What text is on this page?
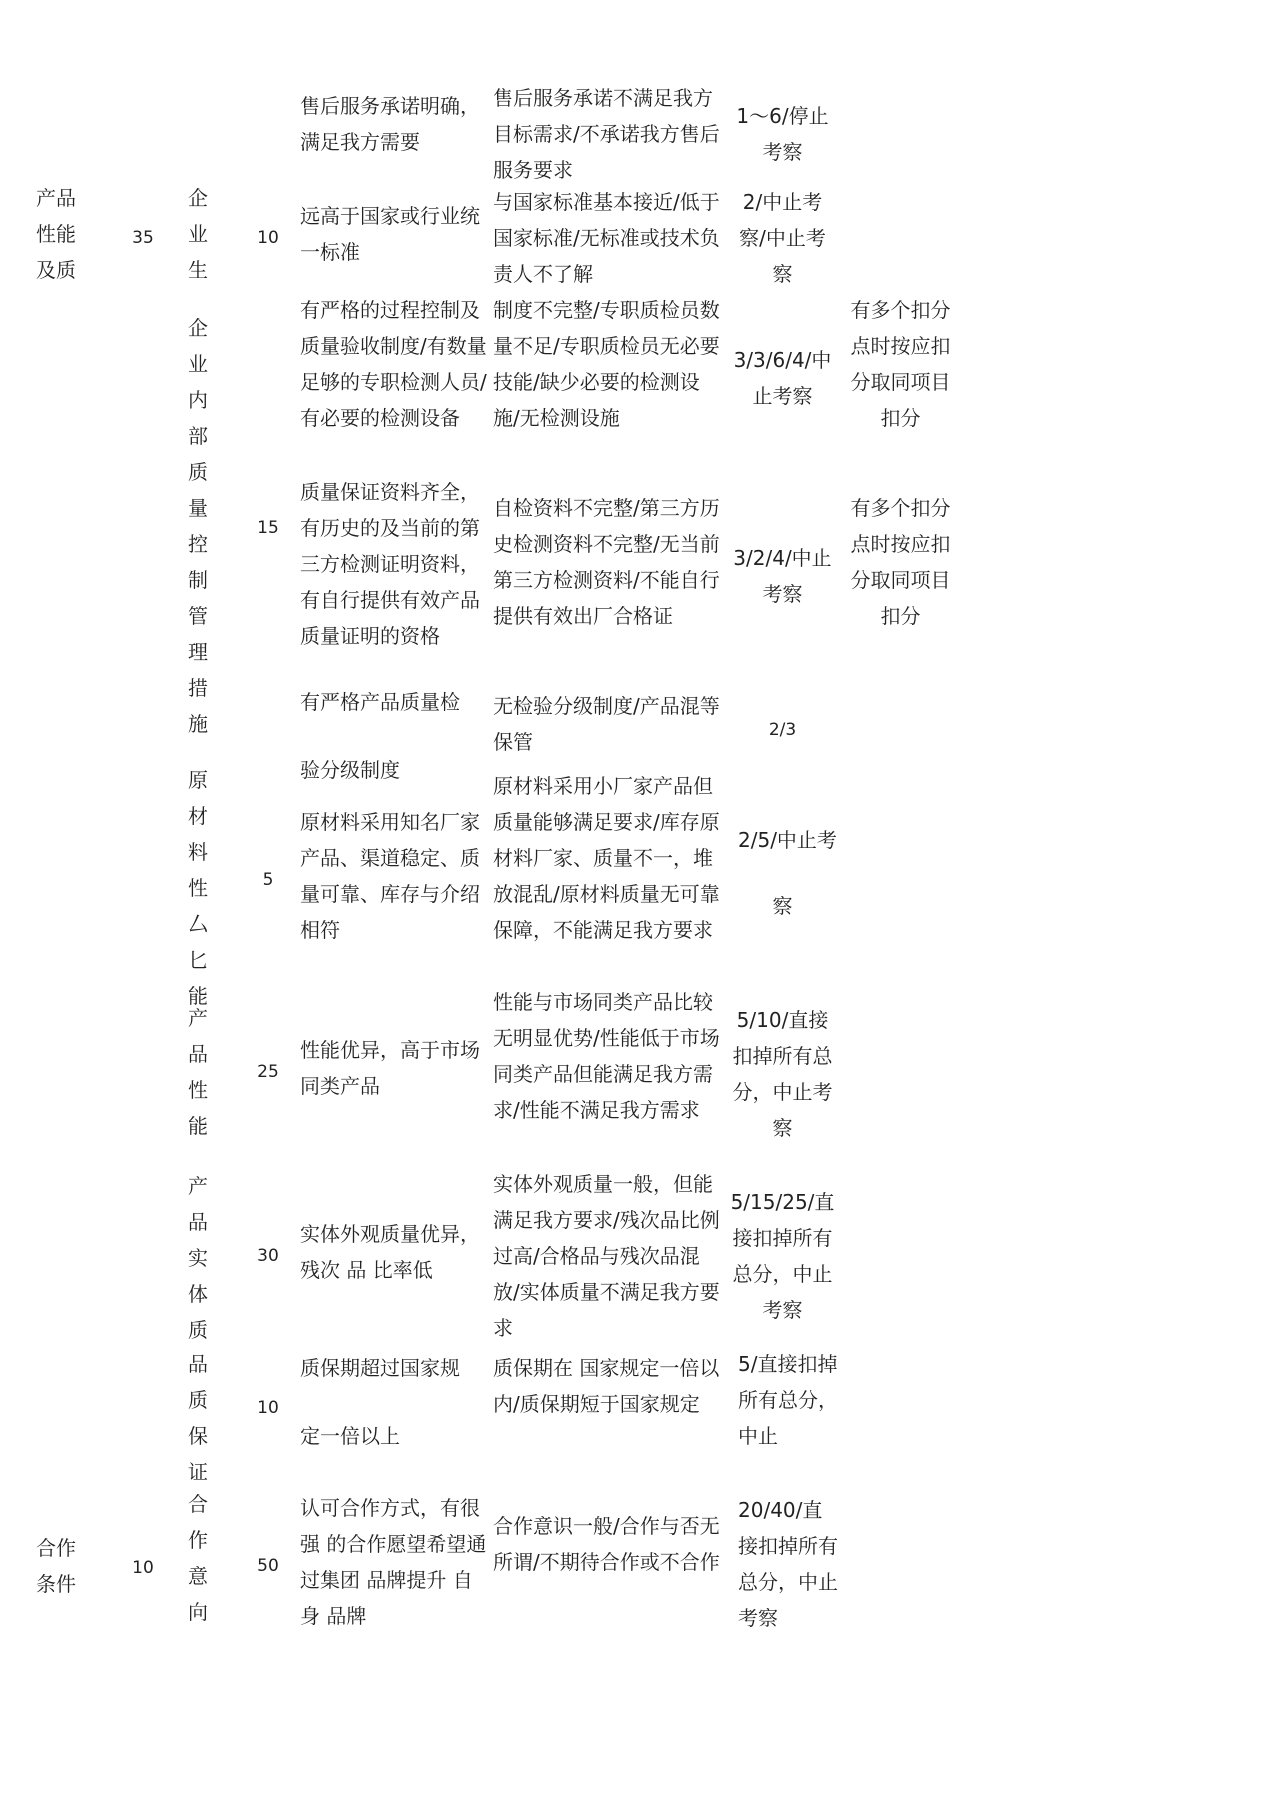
售后服务承诺明确，满足我方需要
售后服务承诺不满足我方目标需求/不承诺我方售后服务要求
1〜6/停止考察
产品性能及质
35
企业生
10
远高于国家或行业统一标准
与国家标准基本接近/低于国家标准/无标准或技术负责人不了解
2/中止考察/中止考察
企业内部质量控制管理措施
15
有严格的过程控制及质量验收制度/有数量足够的专职检测人员/有必要的检测设备
制度不完整/专职质检员数量不足/专职质检员无必要技能/缺少必要的检测设施/无检测设施
3/3/6/4/中止考察
有多个扣分点时按应扣分取同项目扣分
质量保证资料齐全，有历史的及当前的第三方检测证明资料，有自行提供有效产品质量证明的资格
自检资料不完整/第三方历史检测资料不完整/无当前第三方检测资料/不能自行提供有效出厂合格证
3/2/4/中止考察
有多个扣分点时按应扣分取同项目扣分
有严格产品质量检
验分级制度
无检验分级制度/产品混等保管	2/3
原材料性厶匕能
5
原材料采用知名厂家产品、渠道稳定、质量可靠、库存与介绍相符
原材料采用小厂家产品但质量能够满足要求/库存原材料厂家、质量不一，堆放混乱/原材料质量无可靠保障，不能满足我方要求
2/5/中止考
察
产品性能
25
性能优异，高于市场同类产品
性能与市场同类产品比较无明显优势/性能低于市场同类产品但能满足我方需求/性能不满足我方需求
5/10/直接扣掉所有总分，中止考察
产品实体质
30
实体外观质量优异，残次 品 比率低
实体外观质量一般，但能满足我方要求/残次品比例过高/合格品与残次品混放/实体质量不满足我方要求
5/15/25/直接扣掉所有总分，中止考察
品质保证
10
质保期超过国家规
定一倍以上
质保期在 国家规定一倍以内/质保期短于国家规定
5/直接扣掉所有总分，中止
合作条件
10
合作意向
50
认可合作方式，有很强 的合作愿望希望通过集团 品牌提升 自身 品牌
合作意识一般/合作与否无所谓/不期待合作或不合作
20/40/直接扣掉所有总分，中止考察
